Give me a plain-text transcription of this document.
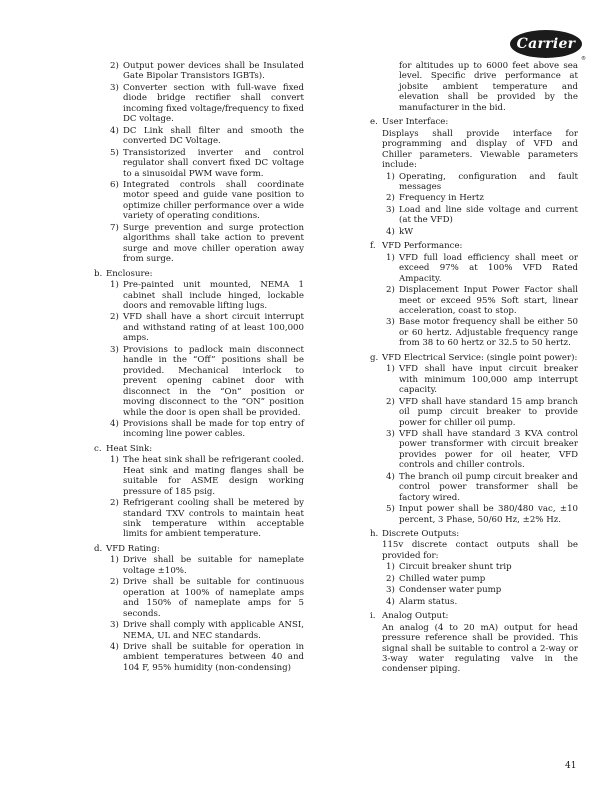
Carrier
®
2) Output power devices shall be Insulated Gate Bipolar Transistors IGBTs).
3) Converter section with full-wave fixed diode bridge rectifier shall convert incoming fixed voltage/frequency to fixed DC voltage.
4) DC Link shall filter and smooth the converted DC Voltage.
5) Transistorized inverter and control regulator shall convert fixed DC voltage to a sinusoidal PWM wave form.
6) Integrated controls shall coordinate motor speed and guide vane position to optimize chiller performance over a wide variety of operating conditions.
7) Surge prevention and surge protection algorithms shall take action to prevent surge and move chiller operation away from surge.
b. Enclosure:
1) Pre-painted unit mounted, NEMA 1 cabinet shall include hinged, lockable doors and removable lifting lugs.
2) VFD shall have a short circuit interrupt and withstand rating of at least 100,000 amps.
3) Provisions to padlock main disconnect handle in the “Off” positions shall be provided. Mechanical interlock to prevent opening cabinet door with disconnect in the “On” position or moving disconnect to the “ON” position while the door is open shall be provided.
4) Provisions shall be made for top entry of incoming line power cables.
c. Heat Sink:
1) The heat sink shall be refrigerant cooled. Heat sink and mating flanges shall be suitable for ASME design working pressure of 185 psig.
2) Refrigerant cooling shall be metered by standard TXV controls to maintain heat sink temperature within acceptable limits for ambient temperature.
d. VFD Rating:
1) Drive shall be suitable for nameplate voltage ±10%.
2) Drive shall be suitable for continuous operation at 100% of nameplate amps and 150% of nameplate amps for 5 seconds.
3) Drive shall comply with applicable ANSI, NEMA, UL and NEC standards.
4) Drive shall be suitable for operation in ambient temperatures between 40 and 104 F, 95% humidity (non-condensing)
for altitudes up to 6000 feet above sea level. Specific drive performance at jobsite ambient temperature and elevation shall be provided by the manufacturer in the bid.
e. User Interface:
Displays shall provide interface for programming and display of VFD and Chiller parameters. Viewable parameters include:
1) Operating, configuration and fault messages
2) Frequency in Hertz
3) Load and line side voltage and current (at the VFD)
4) kW
f. VFD Performance:
1) VFD full load efficiency shall meet or exceed 97% at 100% VFD Rated Ampacity.
2) Displacement Input Power Factor shall meet or exceed 95% Soft start, linear acceleration, coast to stop.
3) Base motor frequency shall be either 50 or 60 hertz. Adjustable frequency range from 38 to 60 hertz or 32.5 to 50 hertz.
g. VFD Electrical Service: (single point power):
1) VFD shall have input circuit breaker with minimum 100,000 amp interrupt capacity.
2) VFD shall have standard 15 amp branch oil pump circuit breaker to provide power for chiller oil pump.
3) VFD shall have standard 3 KVA control power transformer with circuit breaker provides power for oil heater, VFD controls and chiller controls.
4) The branch oil pump circuit breaker and control power transformer shall be factory wired.
5) Input power shall be 380/480 vac, ±10 percent, 3 Phase, 50/60 Hz, ±2% Hz.
h. Discrete Outputs:
115v discrete contact outputs shall be provided for:
1) Circuit breaker shunt trip
2) Chilled water pump
3) Condenser water pump
4) Alarm status.
i. Analog Output:
An analog (4 to 20 mA) output for head pressure reference shall be provided. This signal shall be suitable to control a 2-way or 3-way water regulating valve in the condenser piping.
41
